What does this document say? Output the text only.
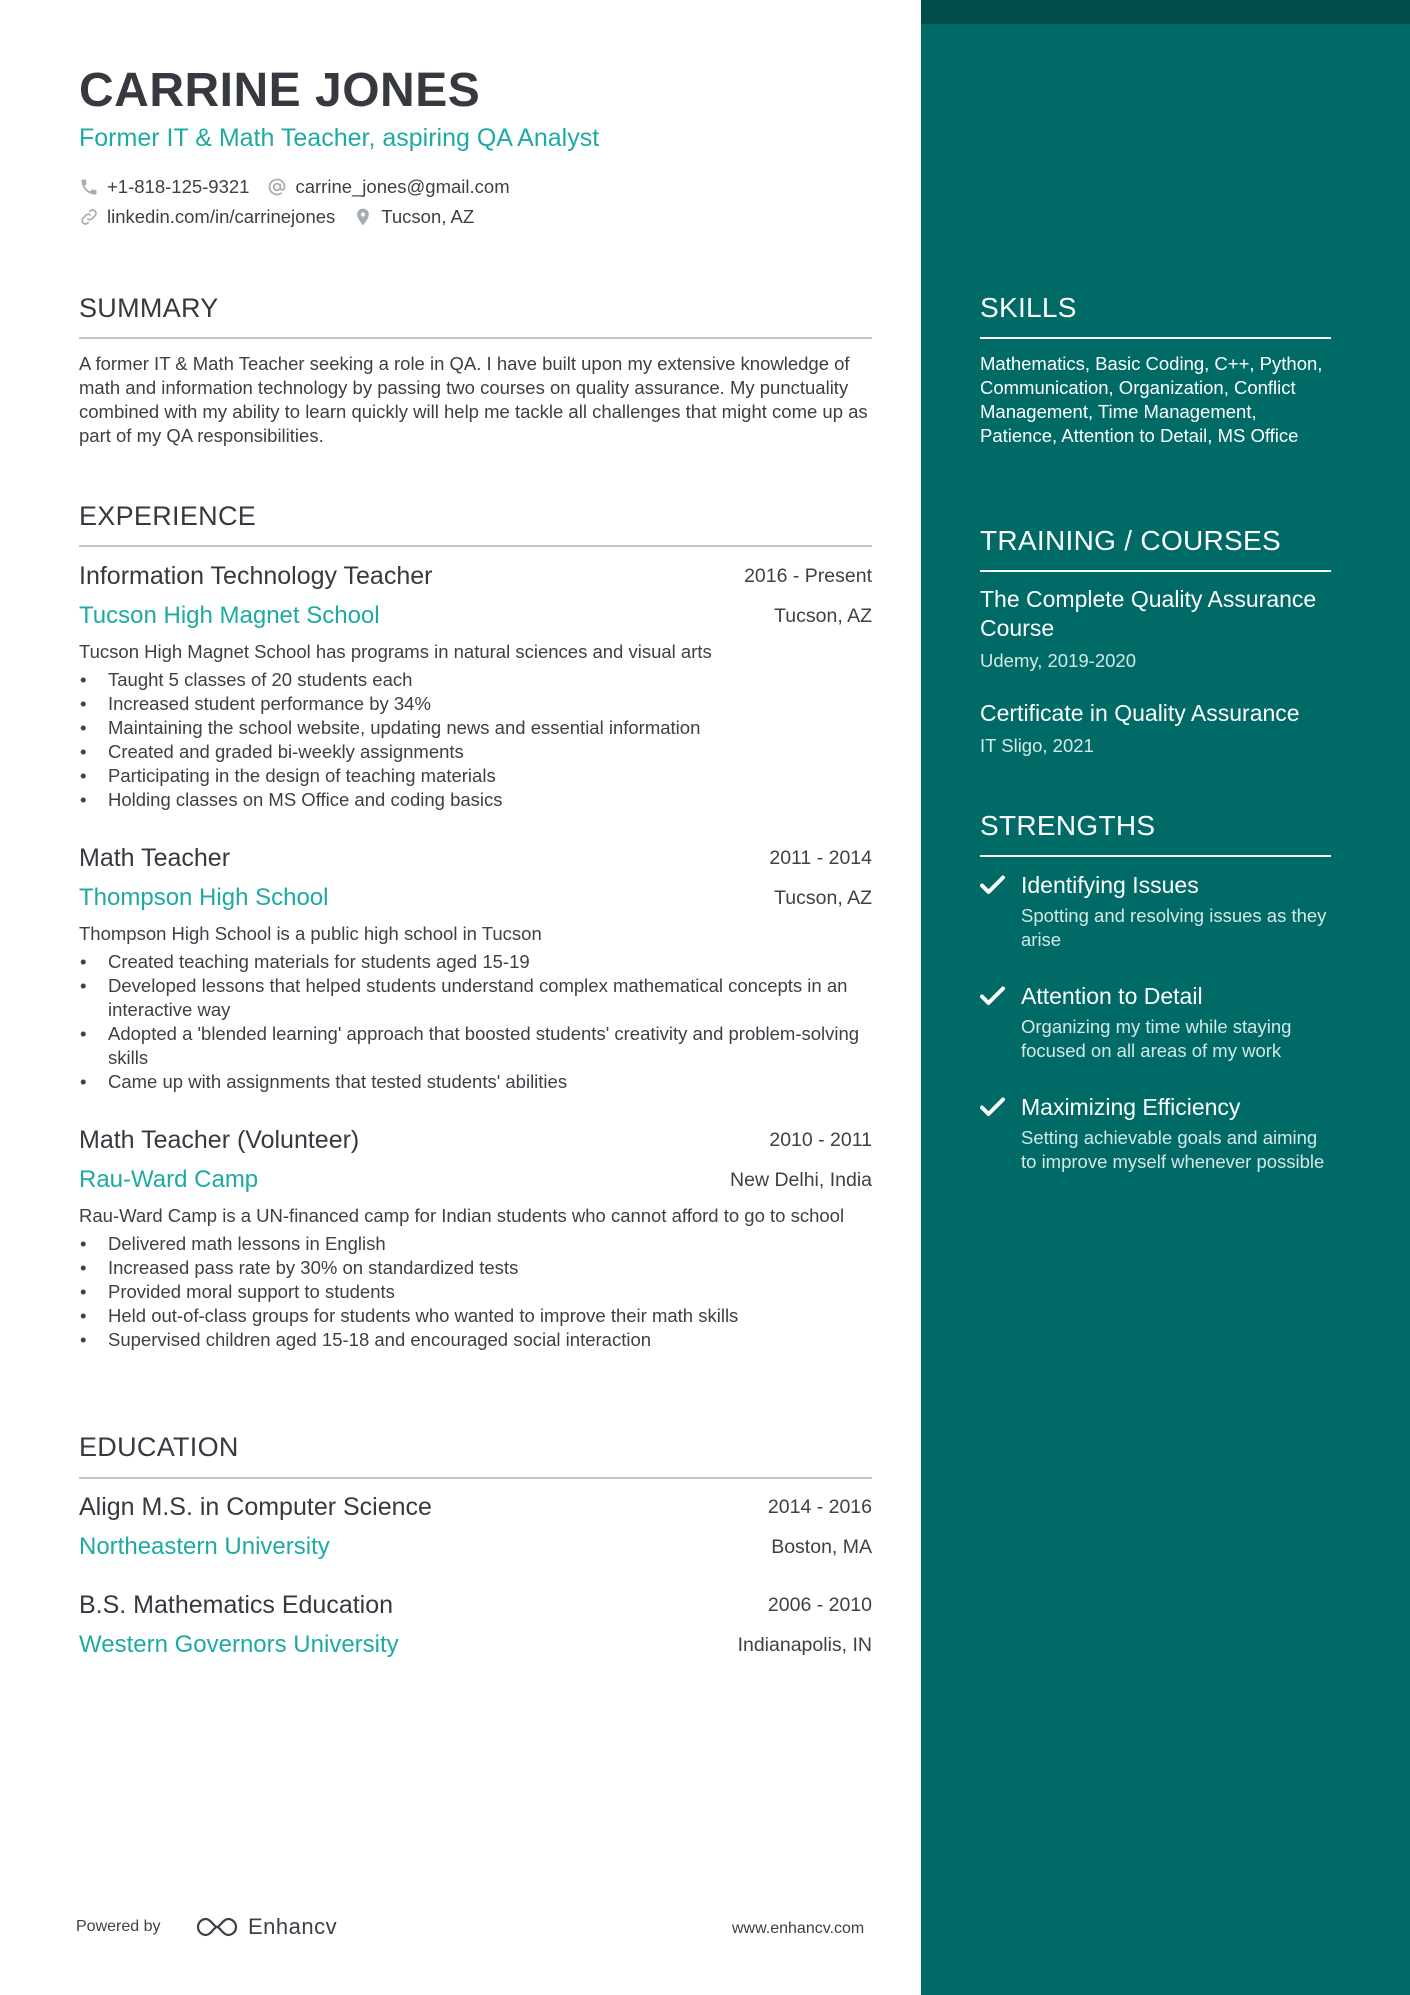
CARRINE JONES
Former IT & Math Teacher, aspiring QA Analyst
+1-818-125-9321 carrine_jones@gmail.com
linkedin.com/in/carrinejones Tucson, AZ
SUMMARY
A former IT & Math Teacher seeking a role in QA. I have built upon my extensive knowledge of math and information technology by passing two courses on quality assurance. My punctuality combined with my ability to learn quickly will help me tackle all challenges that might come up as part of my QA responsibilities.
EXPERIENCE
Information Technology Teacher	2016 - Present
Tucson High Magnet School	Tucson, AZ
Tucson High Magnet School has programs in natural sciences and visual arts
• Taught 5 classes of 20 students each
• Increased student performance by 34%
• Maintaining the school website, updating news and essential information
• Created and graded bi-weekly assignments
• Participating in the design of teaching materials
• Holding classes on MS Office and coding basics
Math Teacher	2011 - 2014
Thompson High School	Tucson, AZ
Thompson High School is a public high school in Tucson
• Created teaching materials for students aged 15-19
• Developed lessons that helped students understand complex mathematical concepts in an interactive way
• Adopted a 'blended learning' approach that boosted students' creativity and problem-solving skills
• Came up with assignments that tested students' abilities
Math Teacher (Volunteer)	2010 - 2011
Rau-Ward Camp	New Delhi, India
Rau-Ward Camp is a UN-financed camp for Indian students who cannot afford to go to school
• Delivered math lessons in English
• Increased pass rate by 30% on standardized tests
• Provided moral support to students
• Held out-of-class groups for students who wanted to improve their math skills
• Supervised children aged 15-18 and encouraged social interaction
EDUCATION
Align M.S. in Computer Science	2014 - 2016
Northeastern University	Boston, MA
B.S. Mathematics Education	2006 - 2010
Western Governors University	Indianapolis, IN
Powered by	Enhancv	www.enhancv.com
SKILLS
Mathematics, Basic Coding, C++, Python, Communication, Organization, Conflict Management, Time Management, Patience, Attention to Detail, MS Office
TRAINING / COURSES
The Complete Quality Assurance Course
Udemy, 2019-2020
Certificate in Quality Assurance
IT Sligo, 2021
STRENGTHS
Identifying Issues
Spotting and resolving issues as they arise
Attention to Detail
Organizing my time while staying focused on all areas of my work
Maximizing Efficiency
Setting achievable goals and aiming to improve myself whenever possible
